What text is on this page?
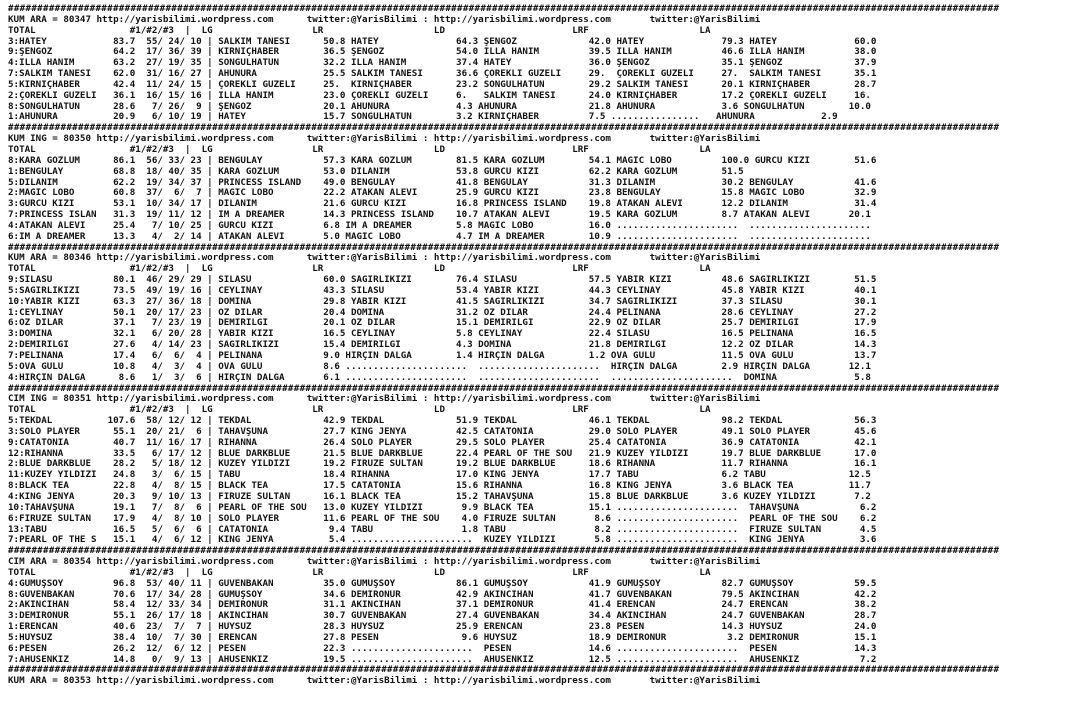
##########################################################################################################################################################################
KUM ARA = 80347 http://yarisbilimi.wordpress.com      twitter:@YarisBilimi : http://yarisbilimi.wordpress.com       twitter:@YarisBilimi
TOTAL                 #1/#2/#3  |  LG                  LR                    LD                       LRF                    LA
3:HATEY            83.7  55/ 24/ 10 | SALKIM TANESİ      50.8 HATEY              64.3 ŞENGÖZ             42.0 HATEY              79.3 HATEY              60.0
9:ŞENGÖZ           64.2  17/ 36/ 39 | KIRNIÇHABER        36.5 ŞENGÖZ             54.0 İLLA HANIM         39.5 İLLA HANIM         46.6 İLLA HANIM         38.0
4:İLLA HANIM       63.2  27/ 19/ 35 | SONGÜLHATUN        32.2 İLLA HANIM         37.4 HATEY              36.0 ŞENGÖZ             35.1 ŞENGÖZ             37.9
7:SALKIM TANESİ    62.0  31/ 16/ 27 | AHUNURA            25.5 SALKIM TANESİ      36.6 ÇÖREKLİ GÜZELİ     29.  ÇÖREKLİ GÜZELİ     27.  SALKIM TANESİ      35.1
5:KIRNIÇHABER      42.4  11/ 24/ 15 | ÇÖREKLİ GÜZELİ     25.  KIRNIÇHABER        23.2 SONGÜLHATUN        29.2 SALKIM TANESİ      20.1 KIRNIÇHABER        28.7
2:ÇÖREKLİ GÜZELİ   36.1  16/ 15/ 16 | İLLA HANIM         23.0 ÇÖREKLİ GÜZELİ     6.   SALKIM TANESİ      24.0 KIRNIÇHABER        17.2 ÇÖREKLİ GÜZELİ     16.
8:SONGÜLHATUN      28.6   7/ 26/  9 | ŞENGÖZ             20.1 AHUNURA            4.3 AHUNURA             21.8 AHUNURA            3.6 SONGÜLHATUN        10.0
1:AHUNURA          20.9   6/ 10/ 19 | HATEY              15.7 SONGÜLHATUN        3.2 KIRNIÇHABER         7.5 ................   AHUNURA            2.9
##########################################################################################################################################################################
KUM ING = 80350 http://yarisbilimi.wordpress.com      twitter:@YarisBilimi : http://yarisbilimi.wordpress.com       twitter:@YarisBilimi
TOTAL                 #1/#2/#3  |  LG                  LR                    LD                       LRF                    LA
8:KARA GÖZLÜM      86.1  56/ 33/ 23 | BENGÜLAY           57.3 KARA GÖZLÜM        81.5 KARA GÖZLÜM        54.1 MAGIC LOBO         100.0 GÜRCÜ KIZI        51.6
1:BENGÜLAY         68.8  18/ 40/ 35 | KARA GÖZLÜM        53.0 DİLANIM            53.8 GÜRCÜ KIZI         62.2 KARA GÖZLÜM        51.5
5:DİLANIM          62.2  19/ 34/ 37 | PRINCESS ISLAND    49.0 BENGÜLAY           41.8 BENGÜLAY           31.3 DİLANIM            30.2 BENGÜLAY           41.6
2:MAGIC LOBO       60.8  37/  6/  7 | MAGIC LOBO         22.2 ATAKAN ALEVİ       25.9 GÜRCÜ KIZI         23.8 BENGÜLAY           15.8 MAGIC LOBO         32.9
3:GÜRCÜ KIZI       53.1  10/ 34/ 17 | DİLANIM            21.6 GÜRCÜ KIZI         16.8 PRINCESS ISLAND    19.8 ATAKAN ALEVİ       12.2 DİLANIM            31.4
7:PRINCESS ISLAN   31.3  19/ 11/ 12 | IM A DREAMER       14.3 PRINCESS ISLAND    10.7 ATAKAN ALEVİ       19.5 KARA GÖZLÜM        8.7 ATAKAN ALEVİ       20.1
4:ATAKAN ALEVİ     25.4   7/ 10/ 25 | GÜRCÜ KIZI         6.8 IM A DREAMER        5.8 MAGIC LOBO          16.0 ......................  ......................
6:IM A DREAMER     13.3   4/  2/ 14 | ATAKAN ALEVİ       5.0 MAGIC LOBO          4.7 IM A DREAMER        10.9 ......................  ......................
##########################################################################################################################################################################
KUM ARA = 80346 http://yarisbilimi.wordpress.com      twitter:@YarisBilimi : http://yarisbilimi.wordpress.com       twitter:@YarisBilimi
TOTAL                 #1/#2/#3  |  LG                  LR                    LD                       LRF                    LA
9:SILASU           80.1  46/ 29/ 29 | SILASU             60.0 SAĞIRLIKIZI        76.4 SILASU             57.5 YABIR KIZI         48.6 SAĞIRLIKIZI        51.5
5:SAĞIRLIKIZI      73.5  49/ 19/ 16 | CEYLİNAY           43.3 SILASU             53.4 YABIR KIZI         44.3 CEYLİNAY           45.8 YABIR KIZI         40.1
10:YABIR KIZI      63.3  27/ 36/ 18 | DOMİNA             29.8 YABIR KIZI         41.5 SAĞIRLIKIZI        34.7 SAĞIRLIKIZI        37.3 SILASU             30.1
1:CEYLİNAY         50.1  20/ 17/ 23 | ÖZ DİLAR           20.4 DOMİNA             31.2 ÖZ DİLAR           24.4 PELİNANA           28.6 CEYLİNAY           27.2
6:ÖZ DİLAR         37.1   7/ 23/ 19 | DEMİRİLGİ          20.1 ÖZ DİLAR           15.1 DEMİRİLGİ          22.9 ÖZ DİLAR           25.7 DEMİRİLGİ          17.9
3:DOMİNA           32.1   6/ 20/ 28 | YABIR KIZI         16.5 CEYLİNAY           5.8 CEYLİNAY            22.4 SILASU             16.5 PELİNANA           16.5
2:DEMİRİLGİ        27.6   4/ 14/ 23 | SAĞIRLIKIZI        15.4 DEMİRİLGİ          4.3 DOMİNA              21.8 DEMİRİLGİ          12.2 ÖZ DİLAR           14.3
7:PELİNANA         17.4   6/  6/  4 | PELİNANA           9.0 HIRÇIN DALGA        1.4 HIRÇIN DALGA        1.2 OVA GÜLÜ            11.5 OVA GÜLÜ           13.7
5:OVA GÜLÜ         10.8   4/  3/  4 | OVA GÜLÜ           8.6 ......................  ......................  HIRÇIN DALGA        2.9 HIRÇIN DALGA       12.1
4:HIRÇIN DALGA      8.6   1/  3/  6 | HIRÇIN DALGA       6.1 ......................  ......................  ......................  DOMİNA              5.8
##########################################################################################################################################################################
CIM ING = 80351 http://yarisbilimi.wordpress.com      twitter:@YarisBilimi : http://yarisbilimi.wordpress.com       twitter:@YarisBilimi
TOTAL                 #1/#2/#3  |  LG                  LR                    LD                       LRF                    LA
5:TEKDAL          107.6  58/ 12/ 12 | TEKDAL             42.9 TEKDAL             51.9 TEKDAL             46.1 TEKDAL             98.2 TEKDAL             56.3
3:SOLO PLAYER      55.1  20/ 21/  6 | TAHAVŞUNA          27.7 KING JENYA         42.5 CATATONIA          29.0 SOLO PLAYER        49.1 SOLO PLAYER        45.6
9:CATATONIA        40.7  11/ 16/ 17 | RIHANNA            26.4 SOLO PLAYER        29.5 SOLO PLAYER        25.4 CATATONIA          36.9 CATATONIA          42.1
12:RIHANNA         33.5   6/ 17/ 12 | BLUE DARKBLUE      21.5 BLUE DARKBLUE      22.4 PEARL OF THE SOU   21.9 KUZEY YILDIZI      19.7 BLUE DARKBLUE      17.0
2:BLUE DARKBLUE    28.2   5/ 18/ 12 | KUZEY YILDIZI      19.2 FİRUZE SULTAN      19.2 BLUE DARKBLUE      18.6 RIHANNA            11.7 RIHANNA            16.1
11:KUZEY YILDIZI   24.8   3/  6/ 15 | TABU               18.4 RIHANNA            17.0 KING JENYA         17.7 TABU               6.2 TABU               12.5
8:BLACK TEA        22.8   4/  8/ 15 | BLACK TEA          17.5 CATATONIA          15.6 RIHANNA            16.8 KING JENYA         3.6 BLACK TEA          11.7
4:KING JENYA       20.3   9/ 10/ 13 | FİRUZE SULTAN      16.1 BLACK TEA          15.2 TAHAVŞUNA          15.8 BLUE DARKBLUE      3.6 KUZEY YILDIZI       7.2
10:TAHAVŞUNA       19.1   7/  8/  6 | PEARL OF THE SOU   13.0 KUZEY YILDIZI       9.9 BLACK TEA          15.1 ......................  TAHAVŞUNA           6.2
6:FİRUZE SULTAN    17.9   4/  8/ 10 | SOLO PLAYER        11.6 PEARL OF THE SOU    4.0 FİRUZE SULTAN       8.6 ......................  PEARL OF THE SOU    6.2
13:TABU            16.5   5/  6/  6 | CATATONIA           9.4 TABU                1.8 TABU                8.2 ......................  FİRUZE SULTAN       4.5
7:PEARL OF THE S   15.1   4/  6/ 12 | KING JENYA          5.4 ......................  KUZEY YILDIZI       5.8 ......................  KING JENYA          3.6
##########################################################################################################################################################################
CIM ARA = 80354 http://yarisbilimi.wordpress.com      twitter:@YarisBilimi : http://yarisbilimi.wordpress.com       twitter:@YarisBilimi
TOTAL                 #1/#2/#3  |  LG                  LR                    LD                       LRF                    LA
4:GÜMÜŞSOY         96.8  53/ 40/ 11 | GÜVENBAKAN         35.0 GÜMÜŞSOY           86.1 GÜMÜŞSOY           41.9 GÜMÜŞSOY           82.7 GÜMÜŞSOY           59.5
8:GÜVENBAKAN       70.6  17/ 34/ 28 | GÜMÜŞSOY           34.6 DEMİRONUR          42.9 AKINCIHAN          41.7 GÜVENBAKAN         79.5 AKINCIHAN          42.2
2:AKINCIHAN        58.4  12/ 33/ 34 | DEMİRONUR          31.1 AKINCIHAN          37.1 DEMİRONUR          41.4 ERENCAN            24.7 ERENCAN            38.2
3:DEMİRONUR        55.1  26/ 17/ 18 | AKINCIHAN          30.7 GÜVENBAKAN         27.4 GÜVENBAKAN         34.4 AKINCIHAN          24.7 GÜVENBAKAN         28.7
1:ERENCAN          40.6  23/  7/  7 | HUYSUZ             28.3 HUYSUZ             25.9 ERENCAN            23.8 PESEN              14.3 HUYSUZ             24.0
5:HUYSUZ           38.4  10/  7/ 30 | ERENCAN            27.8 PESEN               9.6 HUYSUZ             18.9 DEMİRONUR           3.2 DEMİRONUR          15.1
6:PESEN            26.2  12/  6/ 12 | PESEN              22.3 ......................  PESEN              14.6 ......................  PESEN              14.3
7:AHUSENKIZ        14.8   0/  9/ 13 | AHUSENKIZ          19.5 ......................  AHUSENKIZ          12.5 ......................  AHUSENKIZ           7.2
##########################################################################################################################################################################
KUM ARA = 80353 http://yarisbilimi.wordpress.com      twitter:@YarisBilimi : http://yarisbilimi.wordpress.com       twitter:@YarisBilimi
